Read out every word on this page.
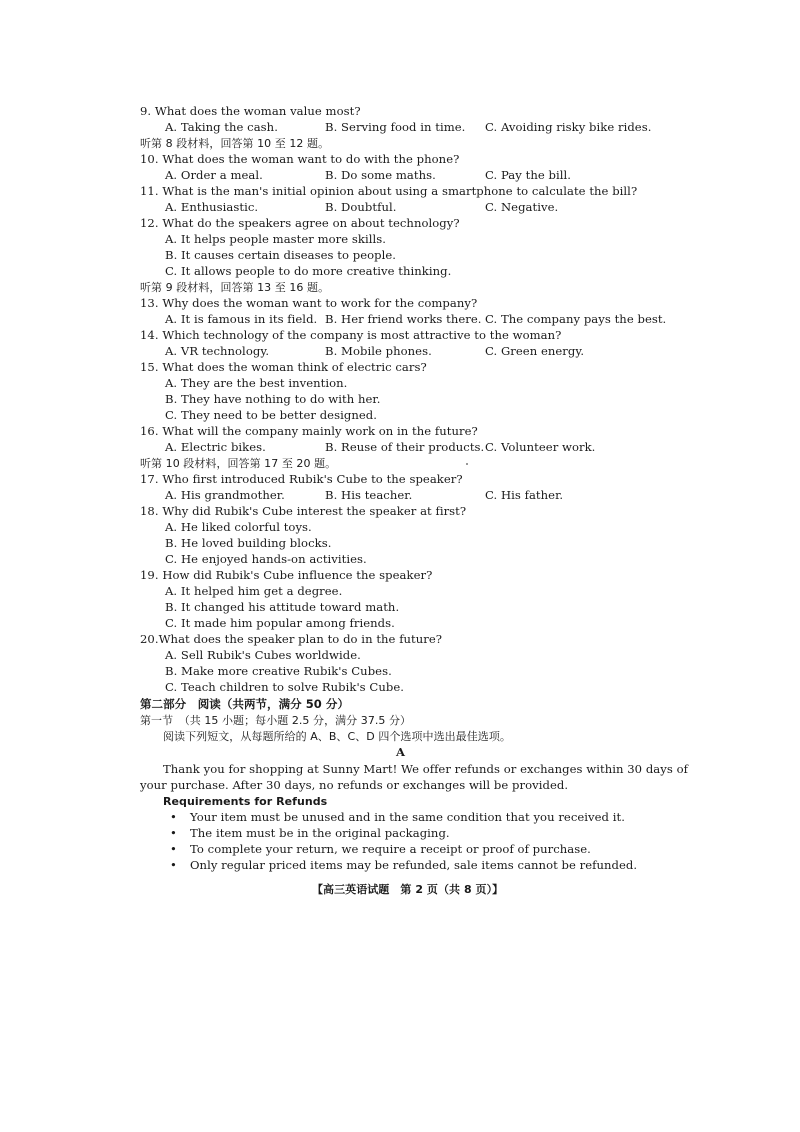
9. What does the woman value most?
A. Taking the cash.	B. Serving food in time. C. Avoiding risky bike rides.
听第 8 段材料，回答第 10 至 12 题。
10. What does the woman want to do with the phone?
A. Order a meal.	B. Do some maths.	C. Pay the bill.
11. What is the man's initial opinion about using a smartphone to calculate the bill?
A. Enthusiastic.	B. Doubtful.	C. Negative.
12. What do the speakers agree on about technology?
A. It helps people master more skills.
B. It causes certain diseases to people.
C. It allows people to do more creative thinking.
听第 9 段材料，回答第 13 至 16 题。
13. Why does the woman want to work for the company?
A. It is famous in its field. B. Her friend works there. C. The company pays the best.
14. Which technology of the company is most attractive to the woman?
A. VR technology.	B. Mobile phones.	C. Green energy.
15. What does the woman think of electric cars?
A. They are the best invention.
B. They have nothing to do with her.
C. They need to be better designed.
16. What will the company mainly work on in the future?
A. Electric bikes.	B. Reuse of their products. C. Volunteer work.
听第 10 段材料，回答第 17 至 20 题。
17. Who first introduced Rubik's Cube to the speaker?
A. His grandmother.	B. His teacher.	C. His father.
18. Why did Rubik's Cube interest the speaker at first?
A. He liked colorful toys.
B. He loved building blocks.
C. He enjoyed hands-on activities.
19. How did Rubik's Cube influence the speaker?
A. It helped him get a degree.
B. It changed his attitude toward math.
C. It made him popular among friends.
20.What does the speaker plan to do in the future?
A. Sell Rubik's Cubes worldwide.
B. Make more creative Rubik's Cubes.
C. Teach children to solve Rubik's Cube.
第二部分　阅读（共两节，满分 50 分）
第一节　（共 15 小题；每小题 2.5 分，满分 37.5 分）
阅读下列短文，从每题所给的 A、B、C、D 四个选项中选出最佳选项。
A
Thank you for shopping at Sunny Mart! We offer refunds or exchanges within 30 days of
your purchase. After 30 days, no refunds or exchanges will be provided.
Requirements for Refunds
• Your item must be unused and in the same condition that you received it.
• The item must be in the original packaging.
• To complete your return, we require a receipt or proof of purchase.
• Only regular priced items may be refunded, sale items cannot be refunded.
【高三英语试题　第 2 页（共 8 页）】
